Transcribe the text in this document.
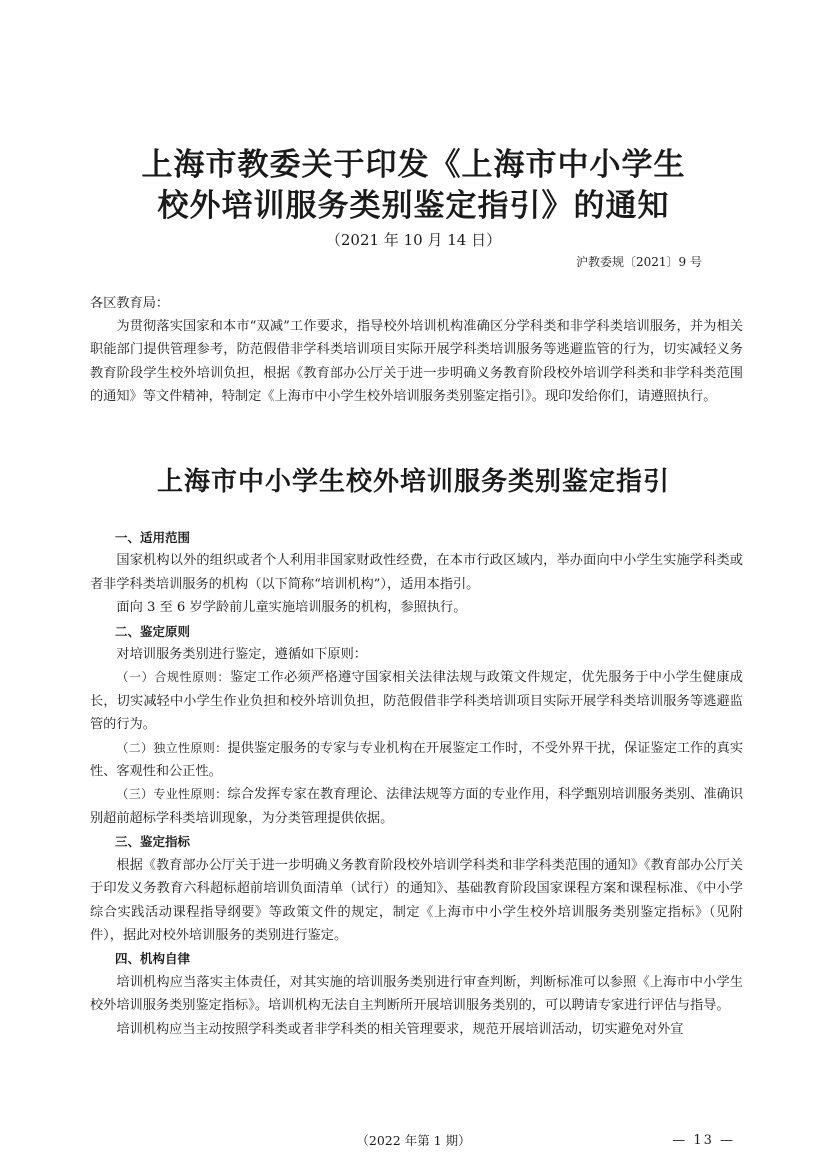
上海市教委关于印发《上海市中小学生
校外培训服务类别鉴定指引》的通知
（2021 年 10 月 14 日）
沪教委规〔2021〕9 号

各区教育局：

为贯彻落实国家和本市“双减”工作要求，指导校外培训机构准确区分学科类和非学科类培训服务，并为相关职能部门提供管理参考，防范假借非学科类培训项目实际开展学科类培训服务等逃避监管的行为，切实减轻义务教育阶段学生校外培训负担，根据《教育部办公厅关于进一步明确义务教育阶段校外培训学科类和非学科类范围的通知》等文件精神，特制定《上海市中小学生校外培训服务类别鉴定指引》。现印发给你们，请遵照执行。

上海市中小学生校外培训服务类别鉴定指引

一、适用范围

国家机构以外的组织或者个人利用非国家财政性经费，在本市行政区域内，举办面向中小学生实施学科类或者非学科类培训服务的机构（以下简称“培训机构”），适用本指引。

面向 3 至 6 岁学龄前儿童实施培训服务的机构，参照执行。

二、鉴定原则

对培训服务类别进行鉴定，遵循如下原则：

（一）合规性原则：鉴定工作必须严格遵守国家相关法律法规与政策文件规定，优先服务于中小学生健康成长，切实减轻中小学生作业负担和校外培训负担，防范假借非学科类培训项目实际开展学科类培训服务等逃避监管的行为。

（二）独立性原则：提供鉴定服务的专家与专业机构在开展鉴定工作时，不受外界干扰，保证鉴定工作的真实性、客观性和公正性。

（三）专业性原则：综合发挥专家在教育理论、法律法规等方面的专业作用，科学甄别培训服务类别、准确识别超前超标学科类培训现象，为分类管理提供依据。

三、鉴定指标

根据《教育部办公厅关于进一步明确义务教育阶段校外培训学科类和非学科类范围的通知》《教育部办公厅关于印发义务教育六科超标超前培训负面清单（试行）的通知》、基础教育阶段国家课程方案和课程标准、《中小学综合实践活动课程指导纲要》等政策文件的规定，制定《上海市中小学生校外培训服务类别鉴定指标》（见附件），据此对校外培训服务的类别进行鉴定。

四、机构自律

培训机构应当落实主体责任，对其实施的培训服务类别进行审查判断，判断标准可以参照《上海市中小学生校外培训服务类别鉴定指标》。培训机构无法自主判断所开展培训服务类别的，可以聘请专家进行评估与指导。

培训机构应当主动按照学科类或者非学科类的相关管理要求，规范开展培训活动，切实避免对外宣

（2022 年第 1 期）	— 13 —
